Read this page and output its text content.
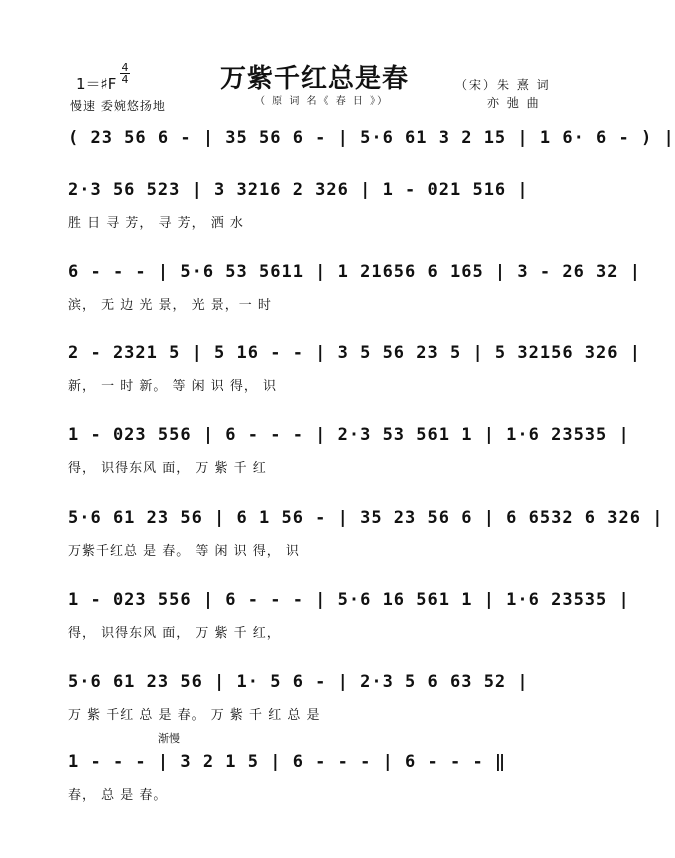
万紫千红总是春
（ 原 词 名《 春 日 》）
1＝♯F
4
4
慢速 委婉悠扬地
（宋）朱 熹 词
亦 弛 曲
( 23 56 6 - | 35 56 6 - | 5·6 61 3 2 15 | 1 6· 6 - ) |
2·3 56 523 | 3 3216 2 326 | 1 - 021 516 |
胜 日 寻 芳， 寻 芳， 洒 水
6 - - - | 5·6 53 5611 | 1 21656 6 165 | 3 - 26 32 |
滨， 无 边 光 景， 光 景，一 时
2 - 2321 5 | 5 16 - - | 3 5 56 23 5 | 5 32156 326 |
新， 一 时 新。 等 闲 识 得， 识
1 - 023 556 | 6 - - - | 2·3 53 561 1 | 1·6 23535 |
得， 识得东风 面， 万 紫 千 红
5·6 61 23 56 | 6 1 56 - | 35 23 56 6 | 6 6532 6 326 |
万紫千红总 是 春。 等 闲 识 得， 识
1 - 023 556 | 6 - - - | 5·6 16 561 1 | 1·6 23535 |
得， 识得东风 面， 万 紫 千 红，
5·6 61 23 56 | 1· 5 6 - | 2·3 5 6 63 52 |
万 紫 千红 总 是 春。 万 紫 千 红 总 是
渐慢
1 - - - | 3 2 1 5 | 6 - - - | 6 - - - ‖
春， 总 是 春。
